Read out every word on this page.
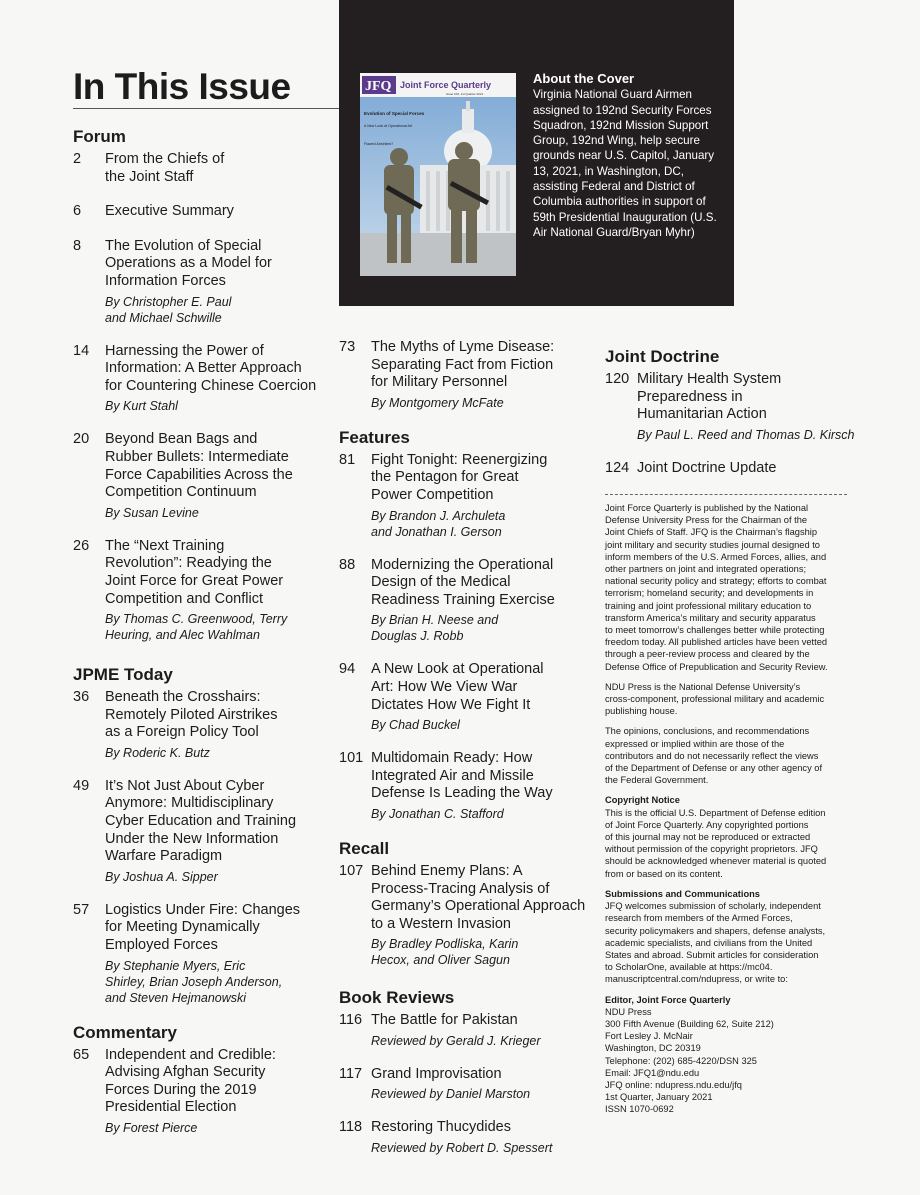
In This Issue	JFQ Joint Force Quarterly
Issue 100, 1st Quarter 2021
Evolution of Special Forces
A New Look at Operational Art
Flawed Airstrikes?
About the Cover
Virginia National Guard Airmen
assigned to 192nd Security Forces
Squadron, 192nd Mission Support
Group, 192nd Wing, help secure
grounds near U.S. Capitol, January
13, 2021, in Washington, DC,
assisting Federal and District of
Columbia authorities in support of
59th Presidential Inauguration (U.S.
Air National Guard/Bryan Myhr)
Forum
2	From the Chiefs of
the Joint Staff
6	Executive Summary
8	The Evolution of Special
Operations as a Model for
Information Forces
By Christopher E. Paul
and Michael Schwille
14	Harnessing the Power of
Information: A Better Approach
for Countering Chinese Coercion
By Kurt Stahl
20	Beyond Bean Bags and
Rubber Bullets: Intermediate
Force Capabilities Across the
Competition Continuum
By Susan Levine
26	The “Next Training
Revolution”: Readying the
Joint Force for Great Power
Competition and Conflict
By Thomas C. Greenwood, Terry
Heuring, and Alec Wahlman
JPME Today
36	Beneath the Crosshairs:
Remotely Piloted Airstrikes
as a Foreign Policy Tool
By Roderic K. Butz
49	It’s Not Just About Cyber
Anymore: Multidisciplinary
Cyber Education and Training
Under the New Information
Warfare Paradigm
By Joshua A. Sipper
57	Logistics Under Fire: Changes
for Meeting Dynamically
Employed Forces
By Stephanie Myers, Eric
Shirley, Brian Joseph Anderson,
and Steven Hejmanowski
Commentary
65	Independent and Credible:
Advising Afghan Security
Forces During the 2019
Presidential Election
By Forest Pierce
73	The Myths of Lyme Disease:
Separating Fact from Fiction
for Military Personnel
By Montgomery McFate
Features
81	Fight Tonight: Reenergizing
the Pentagon for Great
Power Competition
By Brandon J. Archuleta
and Jonathan I. Gerson
88	Modernizing the Operational
Design of the Medical
Readiness Training Exercise
By Brian H. Neese and
Douglas J. Robb
94	A New Look at Operational
Art: How We View War
Dictates How We Fight It
By Chad Buckel
101 Multidomain Ready: How
Integrated Air and Missile
Defense Is Leading the Way
By Jonathan C. Stafford
Recall
107 Behind Enemy Plans: A
Process-Tracing Analysis of
Germany’s Operational Approach
to a Western Invasion
By Bradley Podliska, Karin
Hecox, and Oliver Sagun
Book Reviews
116 The Battle for Pakistan
Reviewed by Gerald J. Krieger
117 Grand Improvisation
Reviewed by Daniel Marston
118 Restoring Thucydides
Reviewed by Robert D. Spessert
Joint Doctrine
120 Military Health System
Preparedness in
Humanitarian Action
By Paul L. Reed and Thomas D. Kirsch
124 Joint Doctrine Update

Joint Force Quarterly is published by the National
Defense University Press for the Chairman of the
Joint Chiefs of Staff. JFQ is the Chairman’s flagship
joint military and security studies journal designed to
inform members of the U.S. Armed Forces, allies, and
other partners on joint and integrated operations;
national security policy and strategy; efforts to combat
terrorism; homeland security; and developments in
training and joint professional military education to
transform America’s military and security apparatus
to meet tomorrow’s challenges better while protecting
freedom today. All published articles have been vetted
through a peer-review process and cleared by the
Defense Office of Prepublication and Security Review.

NDU Press is the National Defense University’s
cross-component, professional military and academic
publishing house.

The opinions, conclusions, and recommendations
expressed or implied within are those of the
contributors and do not necessarily reflect the views
of the Department of Defense or any other agency of
the Federal Government.

Copyright Notice

This is the official U.S. Department of Defense edition
of Joint Force Quarterly. Any copyrighted portions
of this journal may not be reproduced or extracted
without permission of the copyright proprietors. JFQ
should be acknowledged whenever material is quoted
from or based on its content.

Submissions and Communications

JFQ welcomes submission of scholarly, independent
research from members of the Armed Forces,
security policymakers and shapers, defense analysts,
academic specialists, and civilians from the United
States and abroad. Submit articles for consideration
to ScholarOne, available at https://mc04.
manuscriptcentral.com/ndupress, or write to:

Editor, Joint Force Quarterly

NDU Press
300 Fifth Avenue (Building 62, Suite 212)
Fort Lesley J. McNair
Washington, DC 20319
Telephone: (202) 685-4220/DSN 325
Email: JFQ1@ndu.edu
JFQ online: ndupress.ndu.edu/jfq
1st Quarter, January 2021
ISSN 1070-0692
